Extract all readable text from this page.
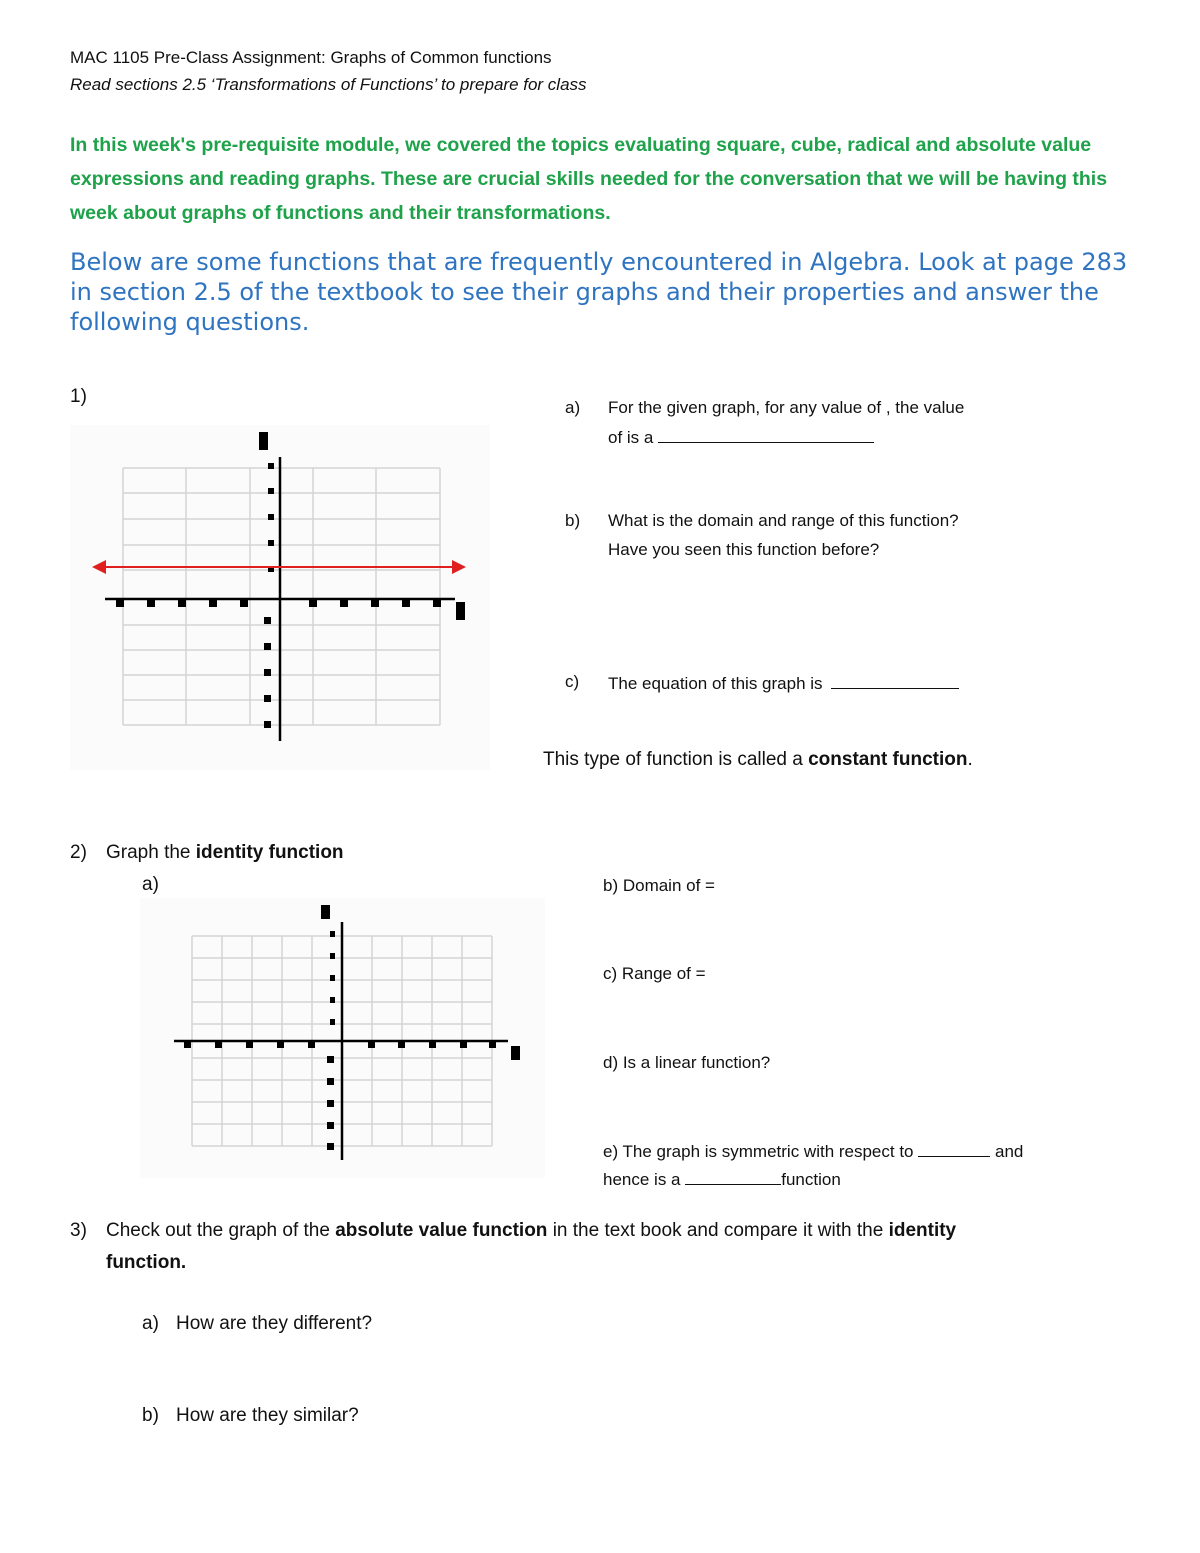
MAC 1105 Pre-Class Assignment: Graphs of Common functions
Read sections 2.5 ‘Transformations of Functions’ to prepare for class
In this week's pre-requisite module, we covered the topics evaluating square, cube, radical and absolute value expressions and reading graphs. These are crucial skills needed for the conversation that we will be having this week about graphs of functions and their transformations.
Below are some functions that are frequently encountered in Algebra. Look at page 283 in section 2.5 of the textbook to see their graphs and their properties and answer the following questions.
1)
a) For the given graph, for any value of , the value
of is a
b) What is the domain and range of this function?
Have you seen this function before?
c) The equation of this graph is
This type of function is called a constant function.
2) Graph the identity function
a)	b) Domain of =
c) Range of =
d) Is a linear function?
e) The graph is symmetric with respect to	and
hence is a	function
3) Check out the graph of the absolute value function in the text book and compare it with the identity
function.
a) How are they different?
b) How are they similar?
